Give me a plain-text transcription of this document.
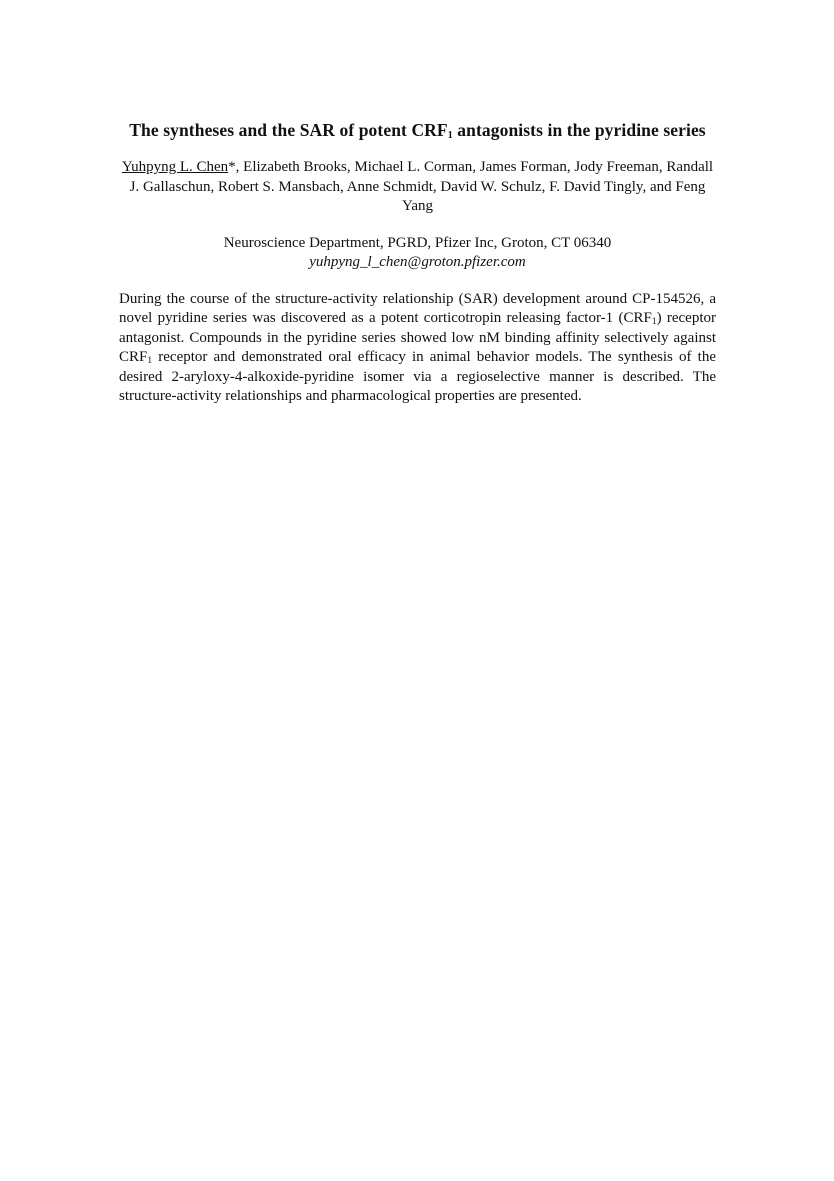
The syntheses and the SAR of potent $CRF_1$ antagonists in the pyridine series
Yuhpyng L. Chen*, Elizabeth Brooks, Michael L. Corman, James Forman, Jody Freeman, Randall J. Gallaschun, Robert S. Mansbach, Anne Schmidt, David W. Schulz, F. David Tingly, and Feng Yang
Neuroscience Department, PGRD, Pfizer Inc, Groton, CT 06340
yuhpyng_l_chen@groton.pfizer.com
During the course of the structure-activity relationship (SAR) development around CP-154526, a novel pyridine series was discovered as a potent corticotropin releasing factor-1 $(CRF_1)$ receptor antagonist. Compounds in the pyridine series showed low nM binding affinity selectively against $CRF_1$ receptor and demonstrated oral efficacy in animal behavior models. The synthesis of the desired 2-aryloxy-4-alkoxide-pyridine isomer via a regioselective manner is described. The structure-activity relationships and pharmacological properties are presented.
